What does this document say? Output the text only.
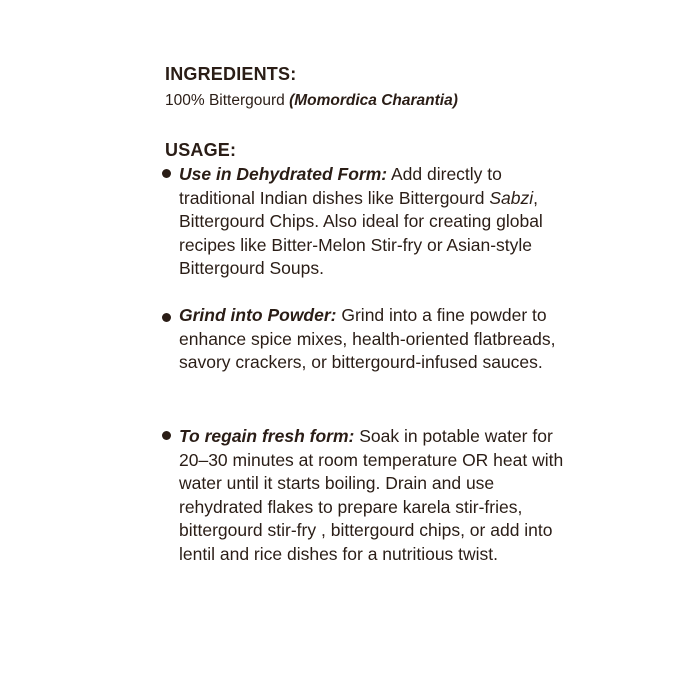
INGREDIENTS:
100% Bittergourd (Momordica Charantia)
USAGE:
Use in Dehydrated Form: Add directly to traditional Indian dishes like Bittergourd Sabzi, Bittergourd Chips. Also ideal for creating global recipes like Bitter-Melon Stir-fry or Asian-style Bittergourd Soups.
Grind into Powder: Grind into a fine powder to enhance spice mixes, health-oriented flatbreads, savory crackers, or bittergourd-infused sauces.
To regain fresh form: Soak in potable water for 20–30 minutes at room temperature OR heat with water until it starts boiling. Drain and use rehydrated flakes to prepare karela stir-fries, bittergourd stir-fry , bittergourd chips, or add into lentil and rice dishes for a nutritious twist.
